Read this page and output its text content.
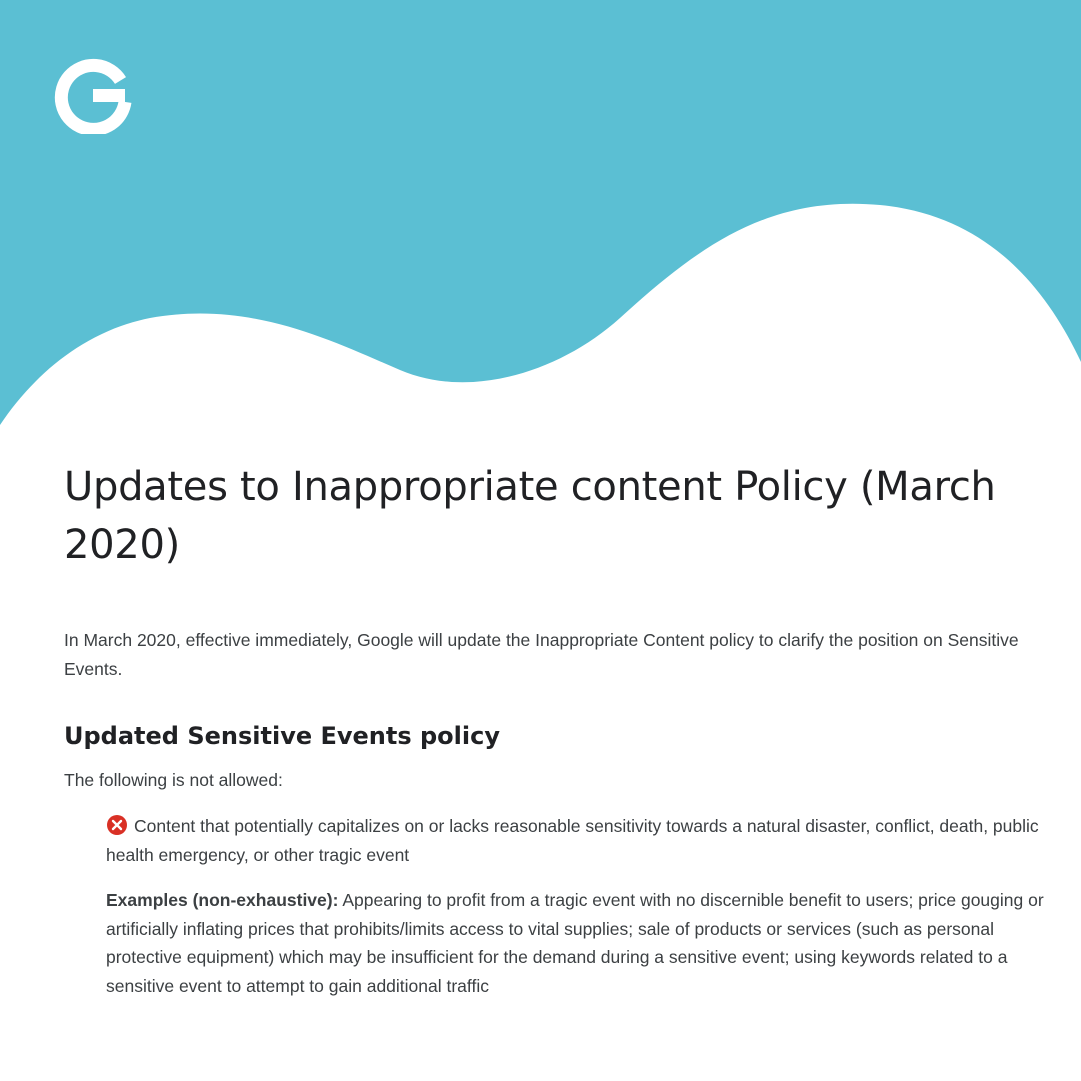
Updates to Inappropriate content Policy (March 2020)

In March 2020, effective immediately, Google will update the Inappropriate Content policy to clarify the position on Sensitive Events.

Updated Sensitive Events policy

The following is not allowed:

Content that potentially capitalizes on or lacks reasonable sensitivity towards a natural disaster, conflict, death, public health emergency, or other tragic event

Examples (non-exhaustive): Appearing to profit from a tragic event with no discernible benefit to users; price gouging or artificially inflating prices that prohibits/limits access to vital supplies; sale of products or services (such as personal protective equipment) which may be insufficient for the demand during a sensitive event; using keywords related to a sensitive event to attempt to gain additional traffic
